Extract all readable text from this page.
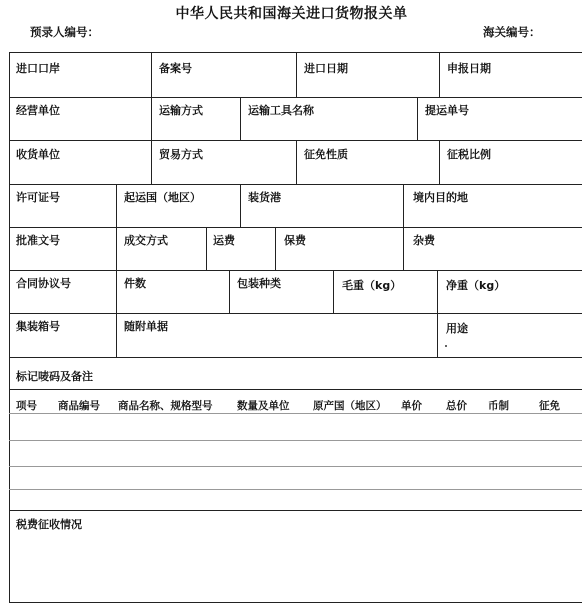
中华人民共和国海关进口货物报关单
预录人编号：	海关编号：
进口口岸	备案号	进口日期	申报日期
经营单位	运输方式	运输工具名称	提运单号
收货单位	贸易方式	征免性质	征税比例
许可证号	起运国（地区）	装货港	境内目的地
批准文号	成交方式	运费	保费	杂费
合同协议号	件数	包装种类	毛重（kg）	净重（kg）
集装箱号	随附单据	用途
标记唛码及备注
项号 商品编号 商品名称、规格型号 数量及单位 原产国（地区） 单价 总价 币制	征免
税费征收情况
